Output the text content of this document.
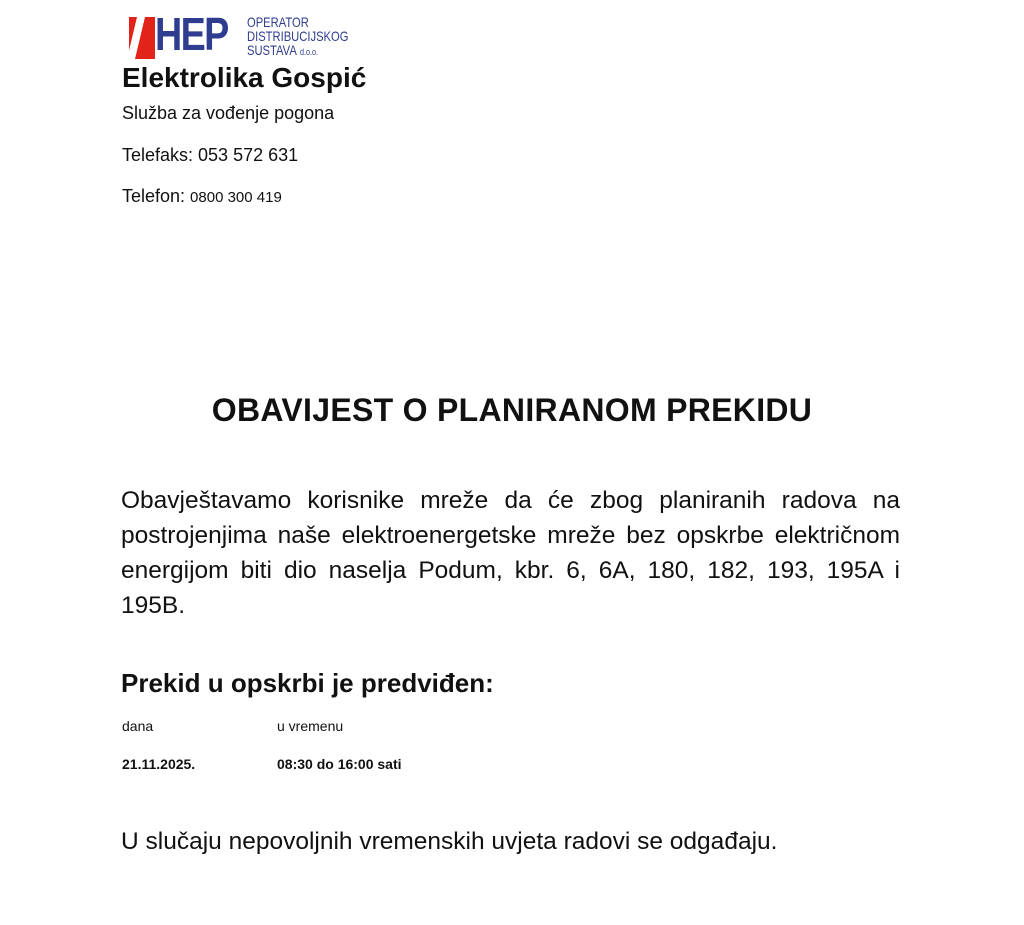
HEP OPERATOR
DISTRIBUCIJSKOG
SUSTAVA d.o.o.
Elektrolika Gospić
Služba za vođenje pogona
Telefaks: 053 572 631
Telefon: 0800 300 419
OBAVIJEST O PLANIRANOM PREKIDU

Obavještavamo korisnike mreže da će zbog planiranih radova na postrojenjima naše elektroenergetske mreže bez opskrbe električnom energijom biti dio naselja Podum, kbr. 6, 6A, 180, 182, 193, 195A i 195B.

Prekid u opskrbi je predviđen:
dana	u vremenu
21.11.2025.	08:30 do 16:00 sati

U slučaju nepovoljnih vremenskih uvjeta radovi se odgađaju.
